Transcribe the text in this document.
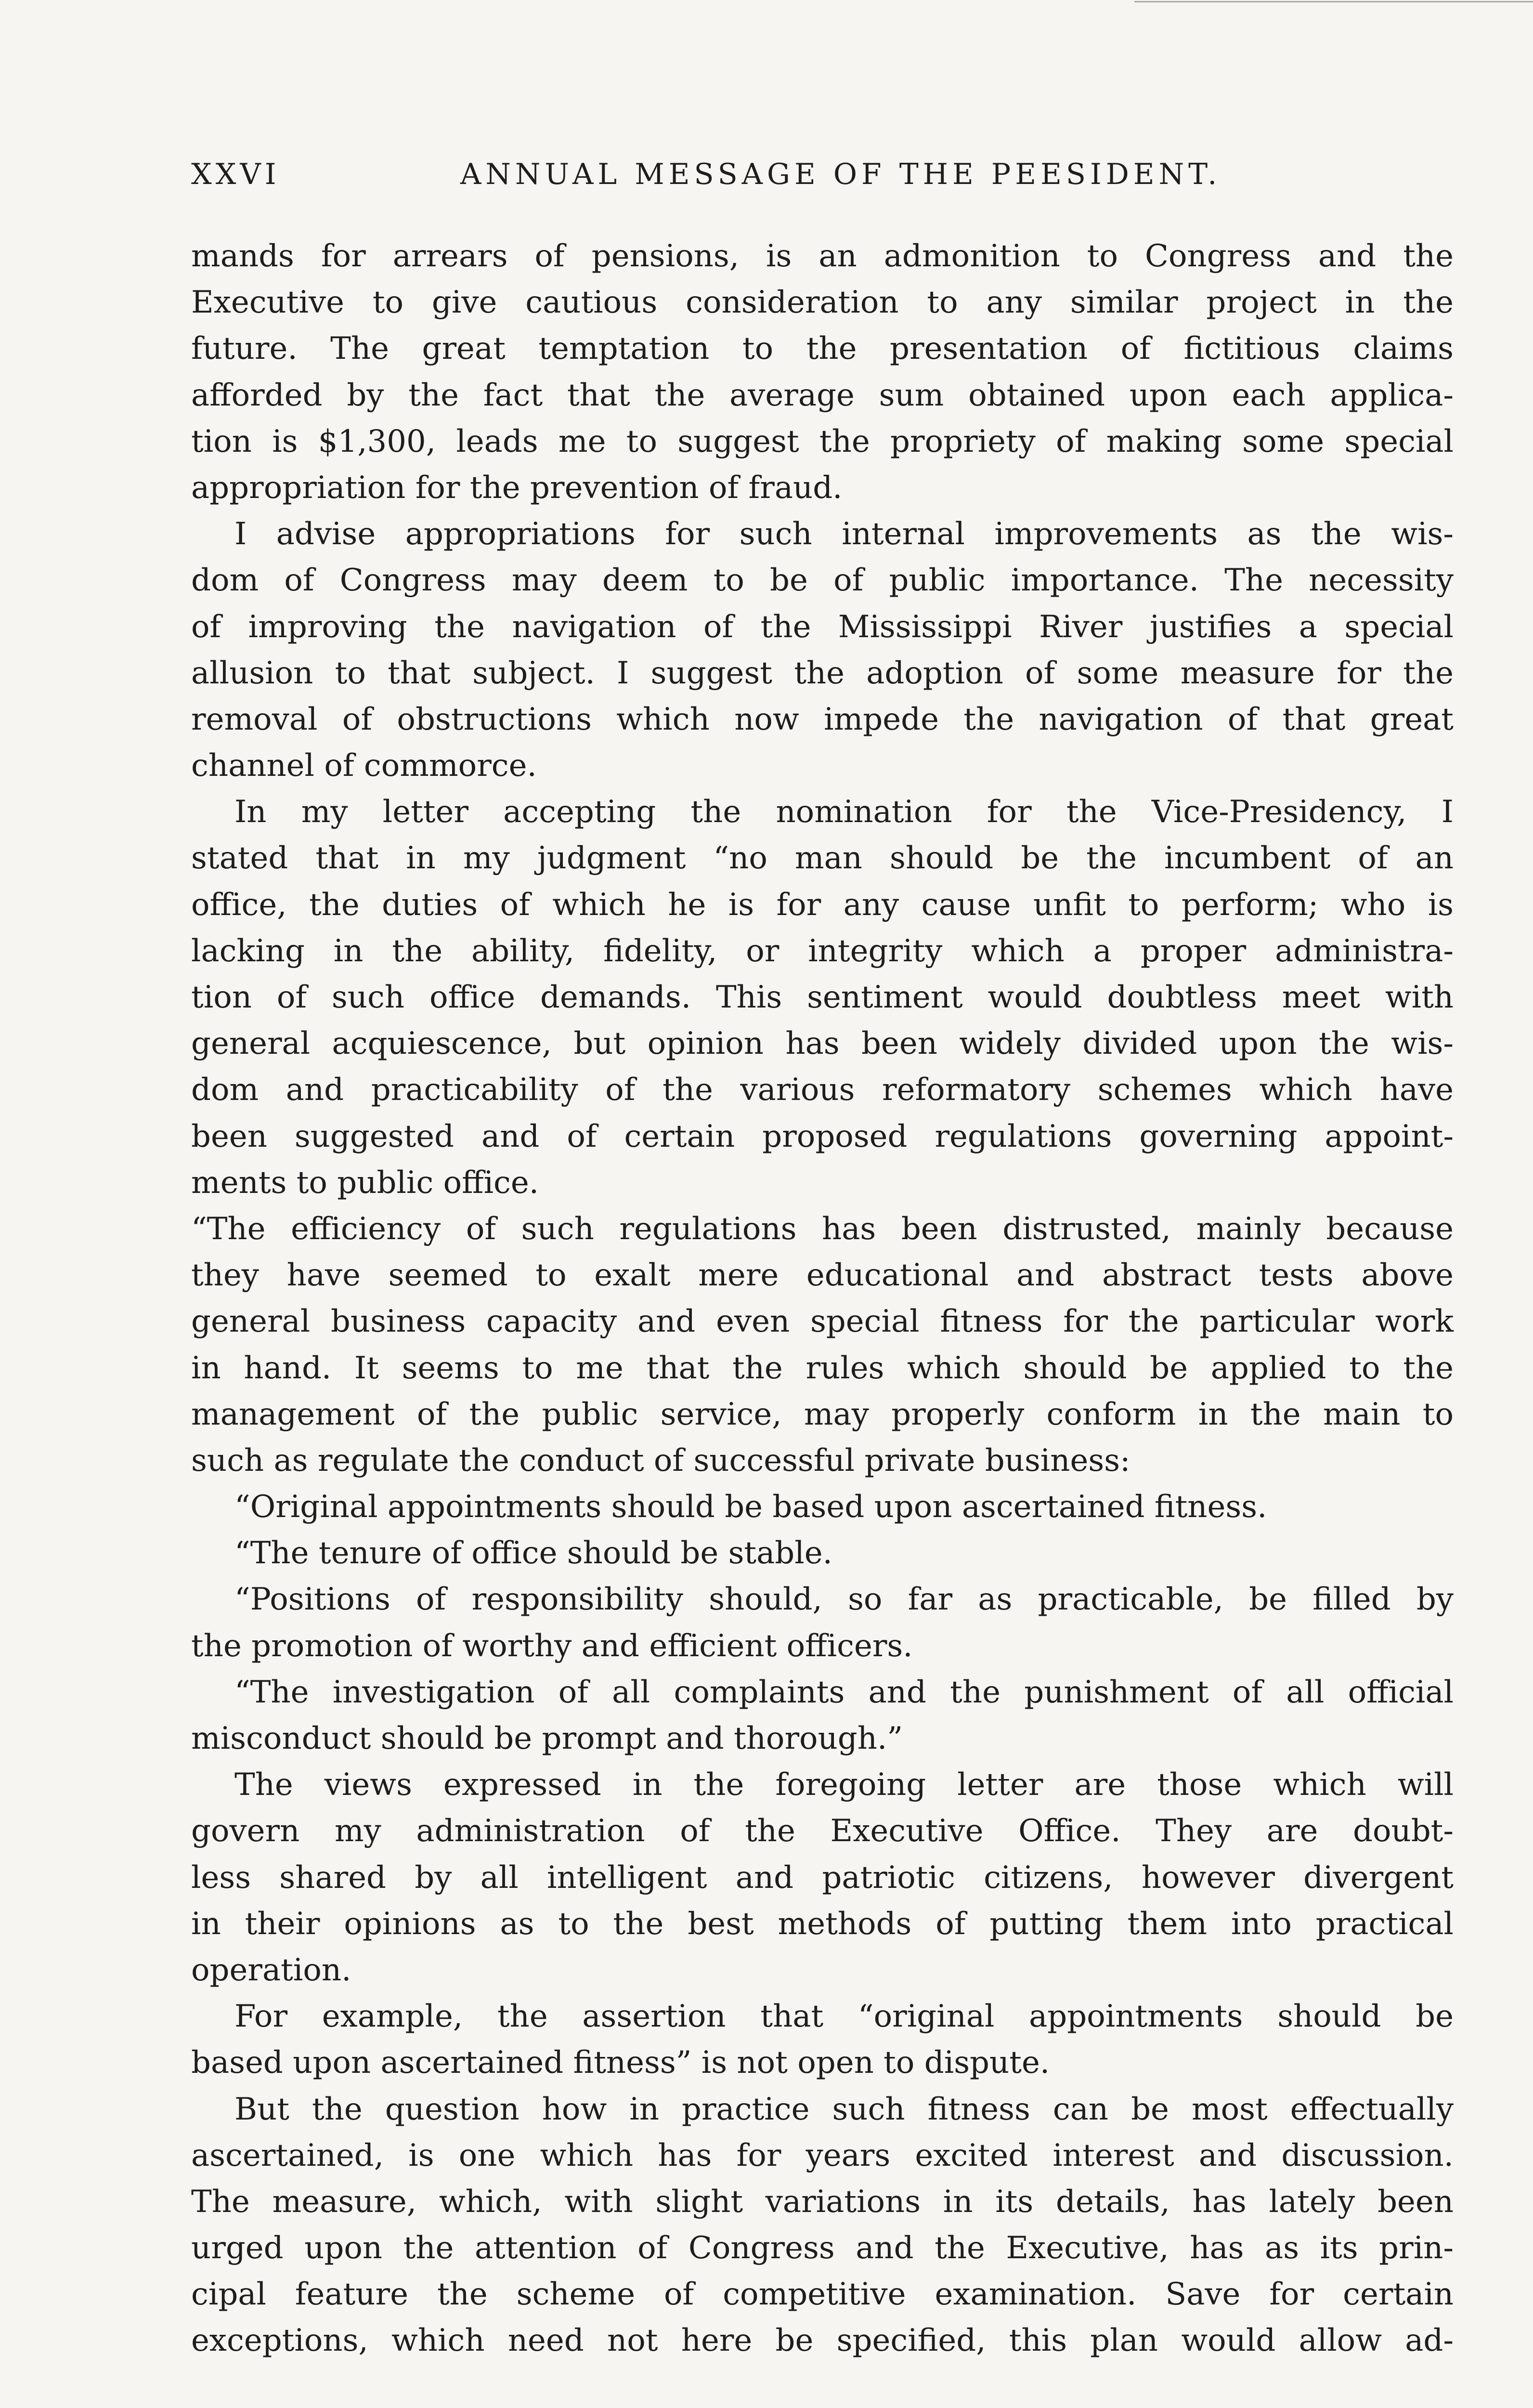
XXVI	ANNUAL MESSAGE OF THE PEESIDENT.
mands for arrears of pensions, is an admonition to Congress and the
Executive to give cautious consideration to any similar project in the
future. The great temptation to the presentation of fictitious claims
afforded by the fact that the average sum obtained upon each applica-
tion is $1,300, leads me to suggest the propriety of making some special
appropriation for the prevention of fraud.
I advise appropriations for such internal improvements as the wis-
dom of Congress may deem to be of public importance. The necessity
of improving the navigation of the Mississippi River justifies a special
allusion to that subject. I suggest the adoption of some measure for the
removal of obstructions which now impede the navigation of that great
channel of commorce.
In my letter accepting the nomination for the Vice-Presidency, I
stated that in my judgment “no man should be the incumbent of an
office, the duties of which he is for any cause unfit to perform; who is
lacking in the ability, fidelity, or integrity which a proper administra-
tion of such office demands. This sentiment would doubtless meet with
general acquiescence, but opinion has been widely divided upon the wis-
dom and practicability of the various reformatory schemes which have
been suggested and of certain proposed regulations governing appoint-
ments to public office.
“The efficiency of such regulations has been distrusted, mainly because
they have seemed to exalt mere educational and abstract tests above
general business capacity and even special fitness for the particular work
in hand. It seems to me that the rules which should be applied to the
management of the public service, may properly conform in the main to
such as regulate the conduct of successful private business:
“Original appointments should be based upon ascertained fitness.
“The tenure of office should be stable.
“Positions of responsibility should, so far as practicable, be filled by
the promotion of worthy and efficient officers.
“The investigation of all complaints and the punishment of all official
misconduct should be prompt and thorough.”
The views expressed in the foregoing letter are those which will
govern my administration of the Executive Office. They are doubt-
less shared by all intelligent and patriotic citizens, however divergent
in their opinions as to the best methods of putting them into practical
operation.
For example, the assertion that “original appointments should be
based upon ascertained fitness” is not open to dispute.
But the question how in practice such fitness can be most effectually
ascertained, is one which has for years excited interest and discussion.
The measure, which, with slight variations in its details, has lately been
urged upon the attention of Congress and the Executive, has as its prin-
cipal feature the scheme of competitive examination. Save for certain
exceptions, which need not here be specified, this plan would allow ad-
